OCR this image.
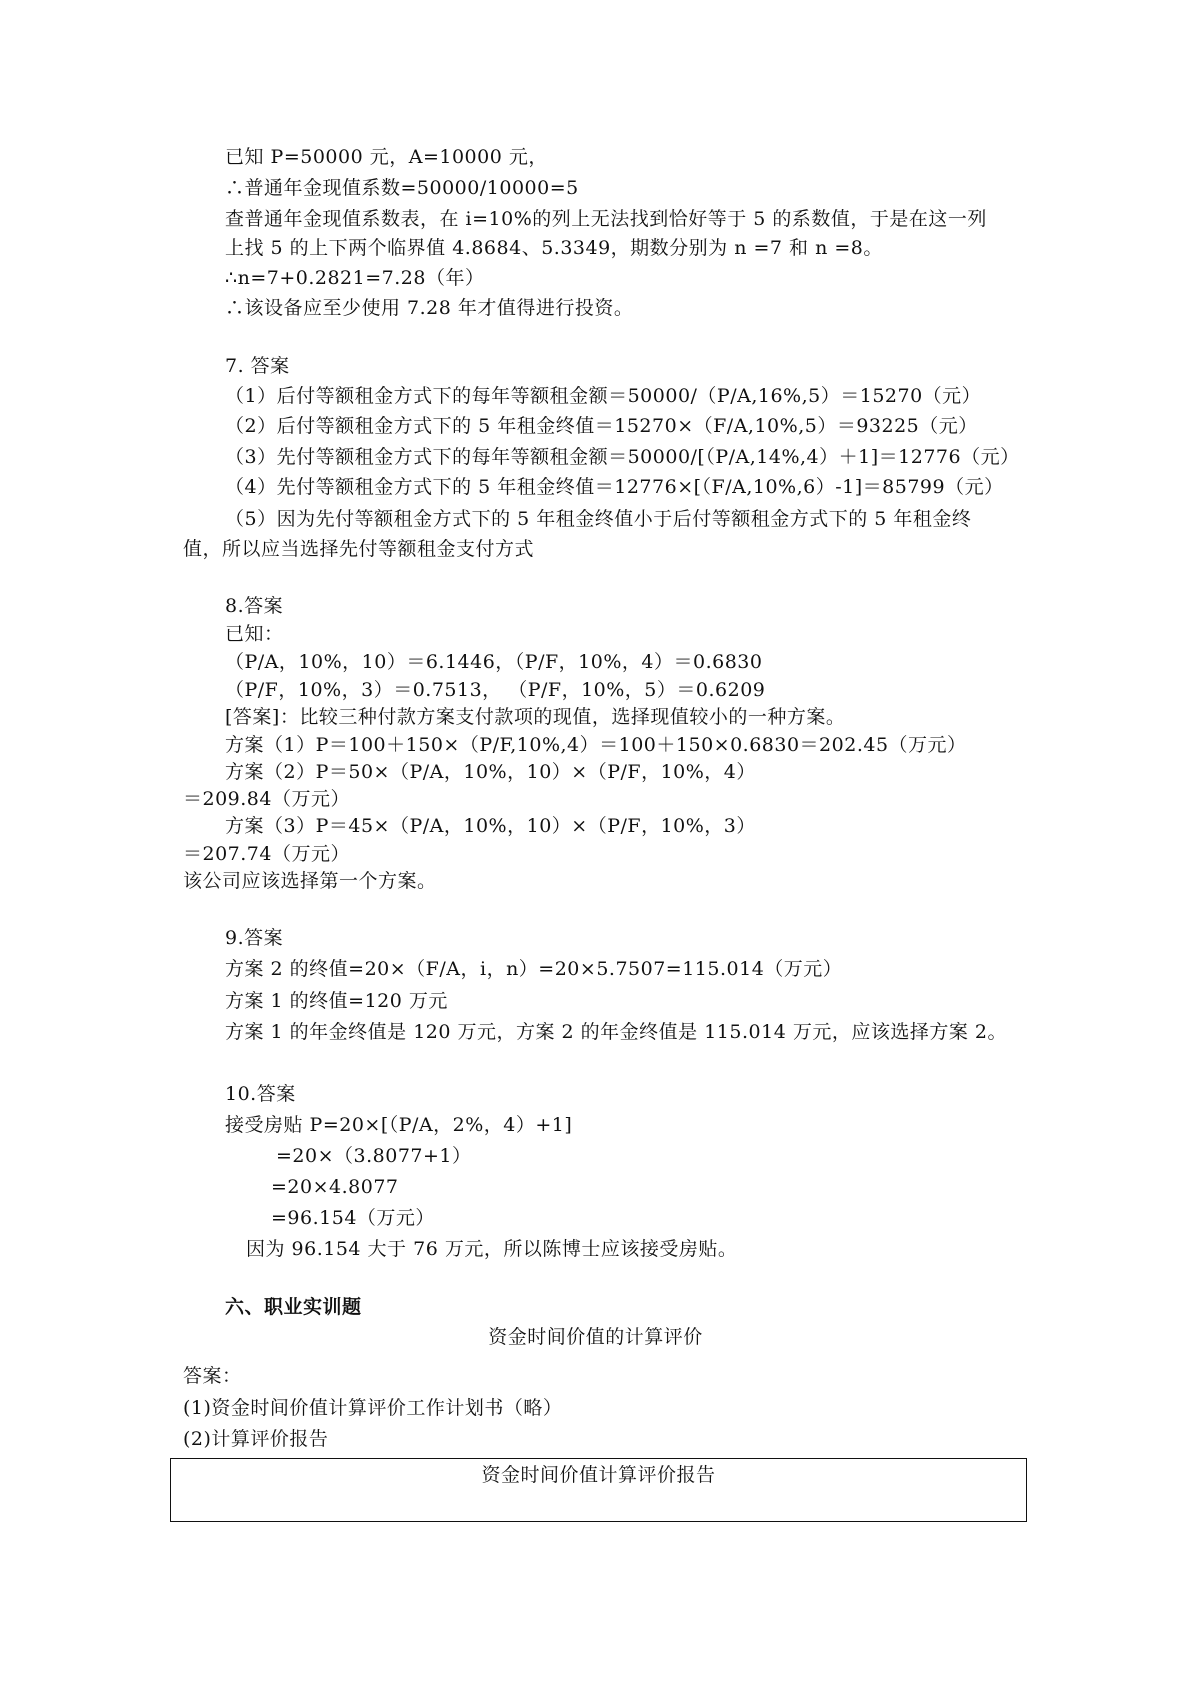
已知 P=50000 元，A=10000 元，
∴普通年金现值系数=50000/10000=5
查普通年金现值系数表，在 i=10%的列上无法找到恰好等于 5 的系数值，于是在这一列
上找 5 的上下两个临界值 4.8684、5.3349，期数分别为 n =7 和 n =8。
∴n=7+0.2821=7.28（年）
∴该设备应至少使用 7.28 年才值得进行投资。
7. 答案
（1）后付等额租金方式下的每年等额租金额＝50000/（P/A,16%,5）＝15270（元）
（2）后付等额租金方式下的 5 年租金终值＝15270×（F/A,10%,5）＝93225（元）
（3）先付等额租金方式下的每年等额租金额＝50000/[（P/A,14%,4）＋1]＝12776（元）
（4）先付等额租金方式下的 5 年租金终值＝12776×[（F/A,10%,6）-1]＝85799（元）
（5）因为先付等额租金方式下的 5 年租金终值小于后付等额租金方式下的 5 年租金终
值，所以应当选择先付等额租金支付方式
8.答案
已知：
（P/A，10%，10）＝6.1446，（P/F，10%，4）＝0.6830
（P/F，10%，3）＝0.7513， （P/F，10%，5）＝0.6209
[答案]：比较三种付款方案支付款项的现值，选择现值较小的一种方案。
方案（1）P＝100＋150×（P/F,10%,4）＝100＋150×0.6830＝202.45（万元）
方案（2）P＝50×（P/A，10%，10）×（P/F，10%，4）
＝209.84（万元）
方案（3）P＝45×（P/A，10%，10）×（P/F，10%，3）
＝207.74（万元）
该公司应该选择第一个方案。
9.答案
方案 2 的终值=20×（F/A，i，n）=20×5.7507=115.014（万元）
方案 1 的终值=120 万元
方案 1 的年金终值是 120 万元，方案 2 的年金终值是 115.014 万元，应该选择方案 2。
10.答案
接受房贴 P=20×[（P/A，2%，4）+1]
=20×（3.8077+1）
=20×4.8077
=96.154（万元）
因为 96.154 大于 76 万元，所以陈博士应该接受房贴。
六、职业实训题
资金时间价值的计算评价
答案：
(1)资金时间价值计算评价工作计划书（略）
(2)计算评价报告
资金时间价值计算评价报告
